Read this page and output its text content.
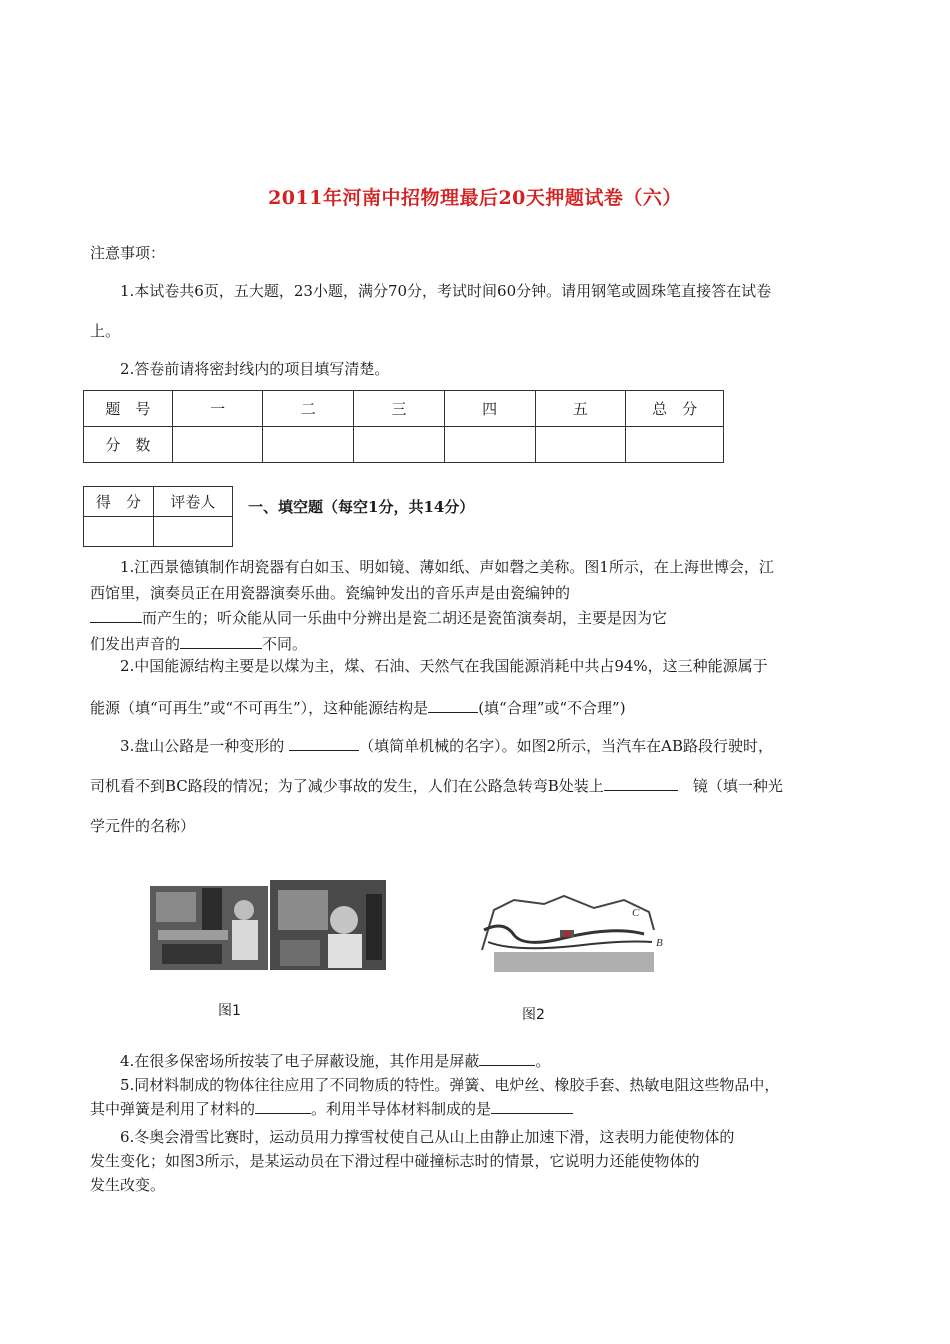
2011年河南中招物理最后20天押题试卷（六）
注意事项：
1.本试卷共6页，五大题，23小题，满分70分，考试时间60分钟。请用钢笔或圆珠笔直接答在试卷
上。
2.答卷前请将密封线内的项目填写清楚。
题　号	一	二	三	四	五	总　分
分　数						
得　分	评卷人
	一、填空题（每空1分，共14分）
1.江西景德镇制作胡瓷器有白如玉、明如镜、薄如纸、声如磬之美称。图1所示，在上海世博会，江
西馆里，演奏员正在用瓷器演奏乐曲。瓷编钟发出的音乐声是由瓷编钟的
而产生的；听众能从同一乐曲中分辨出是瓷二胡还是瓷笛演奏胡，主要是因为它
们发出声音的	不同。
2.中国能源结构主要是以煤为主，煤、石油、天然气在我国能源消耗中共占94%，这三种能源属于
能源（填“可再生”或“不可再生”），这种能源结构是	(填“合理”或“不合理”)
3.盘山公路是一种变形的	（填简单机械的名字）。如图2所示，当汽车在AB路段行驶时，
司机看不到BC路段的情况；为了减少事故的发生，人们在公路急转弯B处装上　	镜（填一种光
学元件的名称）
图1
C
B
图2
4.在很多保密场所按装了电子屏蔽设施，其作用是屏蔽	。
5.同材料制成的物体往往应用了不同物质的特性。弹簧、电炉丝、橡胶手套、热敏电阻这些物品中，
其中弹簧是利用了材料的	。利用半导体材料制成的是
6.冬奥会滑雪比赛时，运动员用力撑雪杖使自己从山上由静止加速下滑，这表明力能使物体的
发生变化；如图3所示，是某运动员在下滑过程中碰撞标志时的情景，它说明力还能使物体的
发生改变。
